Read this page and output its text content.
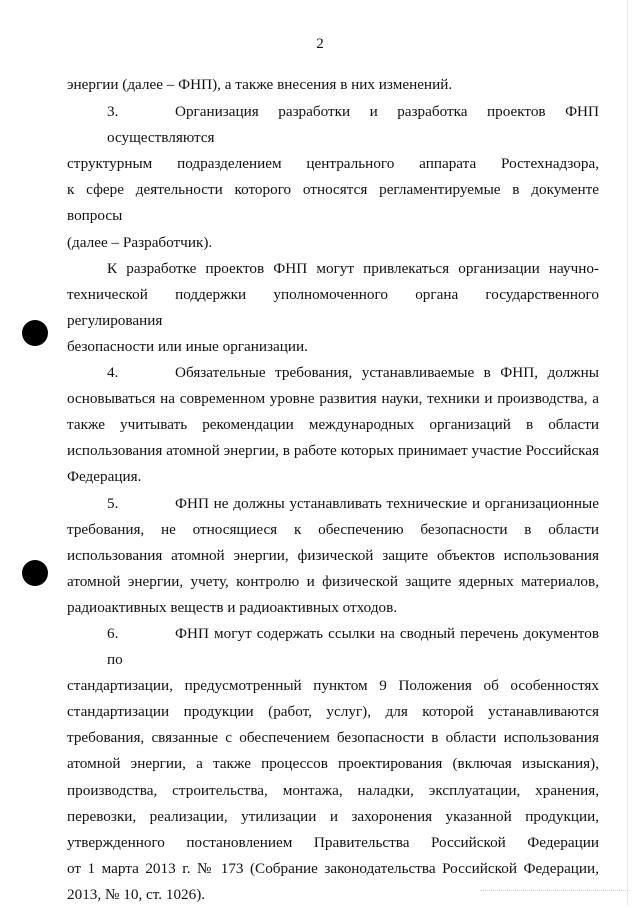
2
энергии (далее – ФНП), а также внесения в них изменений.
3.	Организация разработки и разработка проектов ФНП осуществляются
структурным подразделением центрального аппарата Ростехнадзора,
к сфере деятельности которого относятся регламентируемые в документе вопросы
(далее – Разработчик).
К разработке проектов ФНП могут привлекаться организации научно-
технической поддержки уполномоченного органа государственного регулирования
безопасности или иные организации.
4.	Обязательные требования, устанавливаемые в ФНП, должны
основываться на современном уровне развития науки, техники и производства, а
также учитывать рекомендации международных организаций в области
использования атомной энергии, в работе которых принимает участие Российская
Федерация.
5.	ФНП не должны устанавливать технические и организационные
требования, не относящиеся к обеспечению безопасности в области
использования атомной энергии, физической защите объектов использования
атомной энергии, учету, контролю и физической защите ядерных материалов,
радиоактивных веществ и радиоактивных отходов.
6.	ФНП могут содержать ссылки на сводный перечень документов по
стандартизации, предусмотренный пунктом 9 Положения об особенностях
стандартизации продукции (работ, услуг), для которой устанавливаются
требования, связанные с обеспечением безопасности в области использования
атомной энергии, а также процессов проектирования (включая изыскания),
производства, строительства, монтажа, наладки, эксплуатации, хранения,
перевозки, реализации, утилизации и захоронения указанной продукции,
утвержденного постановлением Правительства Российской Федерации
от 1 марта 2013 г. № 173 (Собрание законодательства Российской Федерации,
2013, № 10, ст. 1026).
